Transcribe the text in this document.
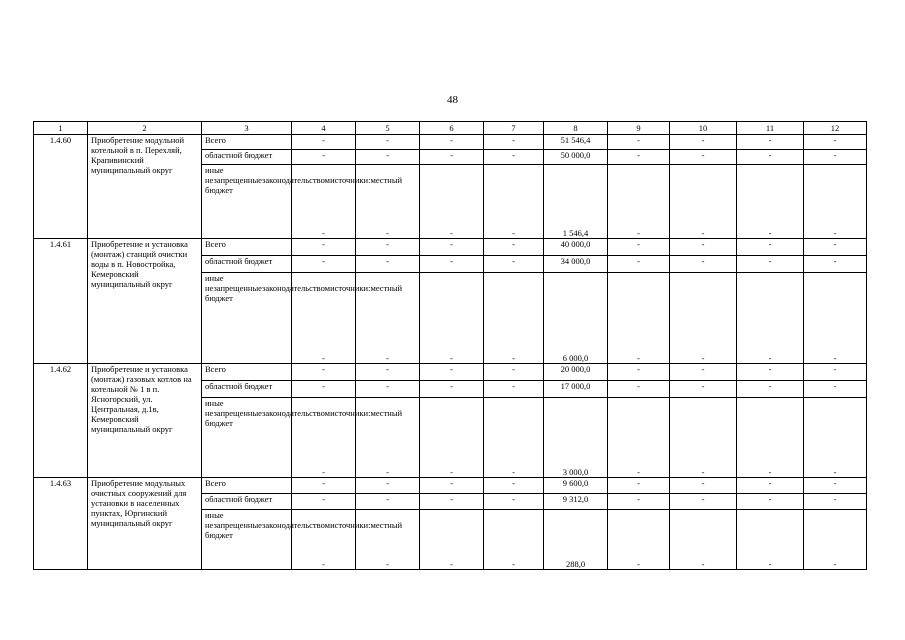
48
1	2	3	4	5	6	7	8	9	10	11	12
1.4.60	Приобретение модульной котельной в п. Перехляй, Крапивинский муниципальный округ	Всего	-	-	-	-	51 546,4	-	-	-	-
		областной бюджет	-	-	-	-	50 000,0	-	-	-	-
		иные незапрещенныезаконодательствомисточники:местный бюджет	-	-	-	-	1 546,4	-	-	-	-
1.4.61	Приобретение и установка (монтаж) станций очистки воды в п. Новостройка, Кемеровский муниципальный округ	Всего	-	-	-	-	40 000,0	-	-	-	-
		областной бюджет	-	-	-	-	34 000,0	-	-	-	-
		иные незапрещенныезаконодательствомисточники:местный бюджет	-	-	-	-	6 000,0	-	-	-	-
1.4.62	Приобретение и установка (монтаж) газовых котлов на котельной № 1 в п. Ясногорский, ул. Центральная, д.1в, Кемеровский муниципальный округ	Всего	-	-	-	-	20 000,0	-	-	-	-
		областной бюджет	-	-	-	-	17 000,0	-	-	-	-
		иные незапрещенныезаконодательствомисточники:местный бюджет	-	-	-	-	3 000,0	-	-	-	-
1.4.63	Приобретение модульных очистных сооружений для установки в населенных пунктах, Юргинский муниципальный округ	Всего	-	-	-	-	9 600,0	-	-	-	-
		областной бюджет	-	-	-	-	9 312,0	-	-	-	-
		иные незапрещенныезаконодательствомисточники:местный бюджет	-	-	-	-	288,0	-	-	-	-
